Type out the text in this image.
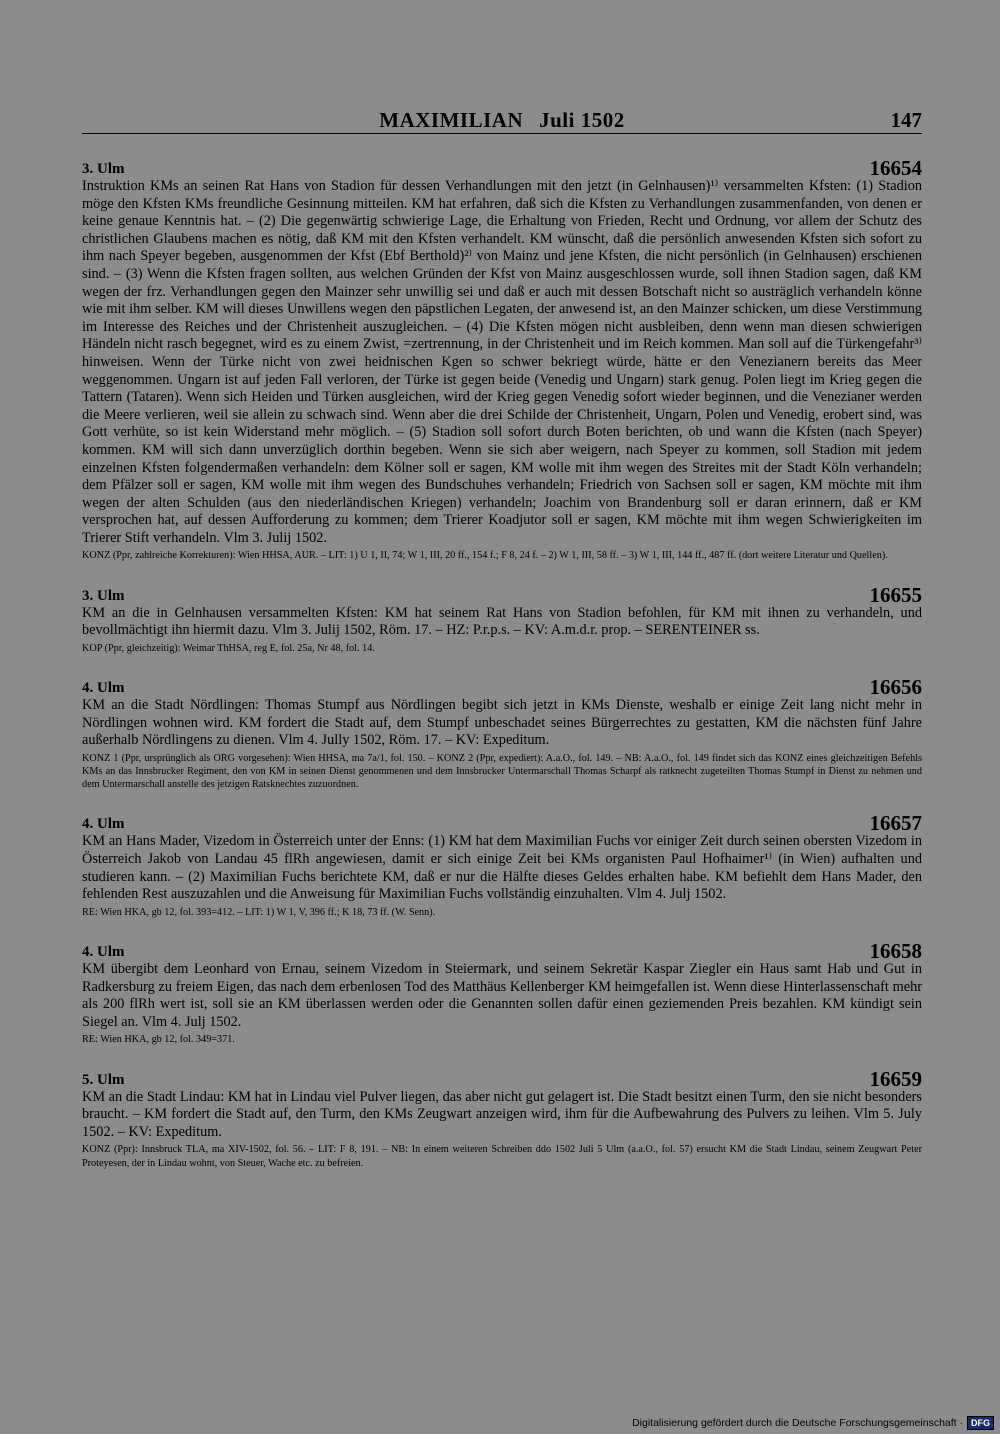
MAXIMILIAN Juli 1502	147
3. Ulm	16654
Instruktion KMs an seinen Rat Hans von Stadion für dessen Verhandlungen mit den jetzt (in Gelnhausen)¹⁾ versammelten Kfsten: (1) Stadion möge den Kfsten KMs freundliche Gesinnung mitteilen. KM hat erfahren, daß sich die Kfsten zu Verhandlungen zusammenfanden, von denen er keine genaue Kenntnis hat. – (2) Die gegenwärtig schwierige Lage, die Erhaltung von Frieden, Recht und Ordnung, vor allem der Schutz des christlichen Glaubens machen es nötig, daß KM mit den Kfsten verhandelt. KM wünscht, daß die persönlich anwesenden Kfsten sich sofort zu ihm nach Speyer begeben, ausgenommen der Kfst (Ebf Berthold)²⁾ von Mainz und jene Kfsten, die nicht persönlich (in Gelnhausen) erschienen sind. – (3) Wenn die Kfsten fragen sollten, aus welchen Gründen der Kfst von Mainz ausgeschlossen wurde, soll ihnen Stadion sagen, daß KM wegen der frz. Verhandlungen gegen den Mainzer sehr unwillig sei und daß er auch mit dessen Botschaft nicht so austräglich verhandeln könne wie mit ihm selber. KM will dieses Unwillens wegen den päpstlichen Legaten, der anwesend ist, an den Mainzer schicken, um diese Verstimmung im Interesse des Reiches und der Christenheit auszugleichen. – (4) Die Kfsten mögen nicht ausbleiben, denn wenn man diesen schwierigen Händeln nicht rasch begegnet, wird es zu einem Zwist, =zertrennung, in der Christenheit und im Reich kommen. Man soll auf die Türkengefahr³⁾ hinweisen. Wenn der Türke nicht von zwei heidnischen Kgen so schwer bekriegt würde, hätte er den Venezianern bereits das Meer weggenommen. Ungarn ist auf jeden Fall verloren, der Türke ist gegen beide (Venedig und Ungarn) stark genug. Polen liegt im Krieg gegen die Tattern (Tataren). Wenn sich Heiden und Türken ausgleichen, wird der Krieg gegen Venedig sofort wieder beginnen, und die Venezianer werden die Meere verlieren, weil sie allein zu schwach sind. Wenn aber die drei Schilde der Christenheit, Ungarn, Polen und Venedig, erobert sind, was Gott verhüte, so ist kein Widerstand mehr möglich. – (5) Stadion soll sofort durch Boten berichten, ob und wann die Kfsten (nach Speyer) kommen. KM will sich dann unverzüglich dorthin begeben. Wenn sie sich aber weigern, nach Speyer zu kommen, soll Stadion mit jedem einzelnen Kfsten folgendermaßen verhandeln: dem Kölner soll er sagen, KM wolle mit ihm wegen des Streites mit der Stadt Köln verhandeln; dem Pfälzer soll er sagen, KM wolle mit ihm wegen des Bundschuhes verhandeln; Friedrich von Sachsen soll er sagen, KM möchte mit ihm wegen der alten Schulden (aus den niederländischen Kriegen) verhandeln; Joachim von Brandenburg soll er daran erinnern, daß er KM versprochen hat, auf dessen Aufforderung zu kommen; dem Trierer Koadjutor soll er sagen, KM möchte mit ihm wegen Schwierigkeiten im Trierer Stift verhandeln. Vlm 3. Julij 1502.
KONZ (Ppr, zahlreiche Korrekturen): Wien HHSA, AUR. – LIT: 1) U 1, II, 74; W 1, III, 20 ff., 154 f.; F 8, 24 f. – 2) W 1, III, 58 ff. – 3) W 1, III, 144 ff., 487 ff. (dort weitere Literatur und Quellen).
3. Ulm	16655
KM an die in Gelnhausen versammelten Kfsten: KM hat seinem Rat Hans von Stadion befohlen, für KM mit ihnen zu verhandeln, und bevollmächtigt ihn hiermit dazu. Vlm 3. Julij 1502, Röm. 17. – HZ: P.r.p.s. – KV: A.m.d.r. prop. – SERENTEINER ss.
KOP (Ppr, gleichzeitig): Weimar ThHSA, reg E, fol. 25a, Nr 48, fol. 14.
4. Ulm	16656
KM an die Stadt Nördlingen: Thomas Stumpf aus Nördlingen begibt sich jetzt in KMs Dienste, weshalb er einige Zeit lang nicht mehr in Nördlingen wohnen wird. KM fordert die Stadt auf, dem Stumpf unbeschadet seines Bürgerrechtes zu gestatten, KM die nächsten fünf Jahre außerhalb Nördlingens zu dienen. Vlm 4. Jully 1502, Röm. 17. – KV: Expeditum.
KONZ 1 (Ppr, ursprünglich als ORG vorgesehen): Wien HHSA, ma 7a/1, fol. 150. – KONZ 2 (Ppr, expediert): A.a.O., fol. 149. – NB: A.a.O., fol. 149 findet sich das KONZ eines gleichzeitigen Befehls KMs an das Innsbrucker Regiment, den von KM in seinen Dienst genommenen und dem Innsbrucker Untermarschall Thomas Scharpf als ratknecht zugeteilten Thomas Stumpf in Dienst zu nehmen und dem Untermarschall anstelle des jetzigen Ratsknechtes zuzuordnen.
4. Ulm	16657
KM an Hans Mader, Vizedom in Österreich unter der Enns: (1) KM hat dem Maximilian Fuchs vor einiger Zeit durch seinen obersten Vizedom in Österreich Jakob von Landau 45 flRh angewiesen, damit er sich einige Zeit bei KMs organisten Paul Hofhaimer¹⁾ (in Wien) aufhalten und studieren kann. – (2) Maximilian Fuchs berichtete KM, daß er nur die Hälfte dieses Geldes erhalten habe. KM befiehlt dem Hans Mader, den fehlenden Rest auszuzahlen und die Anweisung für Maximilian Fuchs vollständig einzuhalten. Vlm 4. Julj 1502.
RE: Wien HKA, gb 12, fol. 393=412. – LIT: 1) W 1, V, 396 ff.; K 18, 73 ff. (W. Senn).
4. Ulm	16658
KM übergibt dem Leonhard von Ernau, seinem Vizedom in Steiermark, und seinem Sekretär Kaspar Ziegler ein Haus samt Hab und Gut in Radkersburg zu freiem Eigen, das nach dem erbenlosen Tod des Matthäus Kellenberger KM heimgefallen ist. Wenn diese Hinterlassenschaft mehr als 200 flRh wert ist, soll sie an KM überlassen werden oder die Genannten sollen dafür einen geziemenden Preis bezahlen. KM kündigt sein Siegel an. Vlm 4. Julj 1502.
RE: Wien HKA, gb 12, fol. 349=371.
5. Ulm	16659
KM an die Stadt Lindau: KM hat in Lindau viel Pulver liegen, das aber nicht gut gelagert ist. Die Stadt besitzt einen Turm, den sie nicht besonders braucht. – KM fordert die Stadt auf, den Turm, den KMs Zeugwart anzeigen wird, ihm für die Aufbewahrung des Pulvers zu leihen. Vlm 5. July 1502. – KV: Expeditum.
KONZ (Ppr): Innsbruck TLA, ma XIV-1502, fol. 56. – LIT: F 8, 191. – NB: In einem weiteren Schreiben ddo 1502 Juli 5 Ulm (a.a.O., fol. 57) ersucht KM die Stadt Lindau, seinem Zeugwart Peter Proteyesen, der in Lindau wohnt, von Steuer, Wache etc. zu befreien.
Digitalisierung gefördert durch die Deutsche Forschungsgemeinschaft · DFG
